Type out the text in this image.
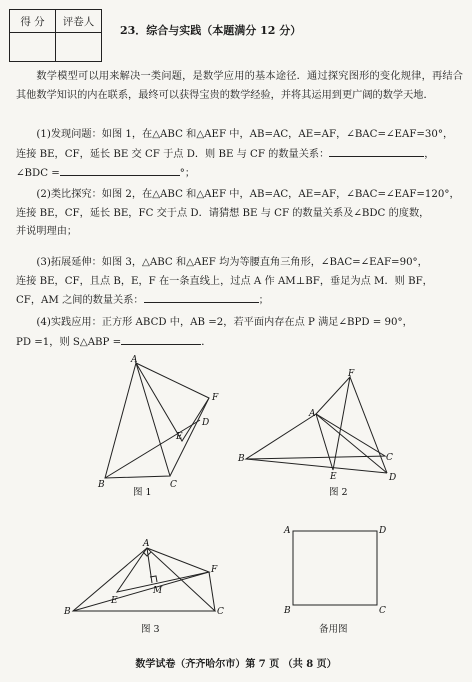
得 分	评卷人

23．综合与实践（本题满分 12 分）
数学模型可以用来解决一类问题，是数学应用的基本途径．通过探究图形的变化规律，再结合其他数学知识的内在联系，最终可以获得宝贵的数学经验，并将其运用到更广阔的数学天地．
(1)发现问题：如图 1，在△ABC 和△AEF 中，AB=AC，AE=AF，∠BAC=∠EAF=30°，
连接 BE，CF，延长 BE 交 CF 于点 D．则 BE 与 CF 的数量关系：	，
∠BDC =	°；
(2)类比探究：如图 2，在△ABC 和△AEF 中，AB=AC，AE=AF，∠BAC=∠EAF=120°，
连接 BE，CF，延长 BE，FC 交于点 D．请猜想 BE 与 CF 的数量关系及∠BDC 的度数，
并说明理由；
(3)拓展延伸：如图 3，△ABC 和△AEF 均为等腰直角三角形，∠BAC=∠EAF=90°，
连接 BE，CF，且点 B，E，F 在一条直线上，过点 A 作 AM⊥BF，垂足为点 M．则 BF，
CF，AM 之间的数量关系：	；
(4)实践应用：正方形 ABCD 中，AB =2，若平面内存在点 P 满足∠BPD = 90°，
PD =1，则 S△ABP =	．
A
B	C
D
E
F
图 1
F
A
B	C
D
E
图 2
A
B	C
E
F
M
图 3
A	D
B	C
备用图
数学试卷（齐齐哈尔市）第 7 页 （共 8 页）
